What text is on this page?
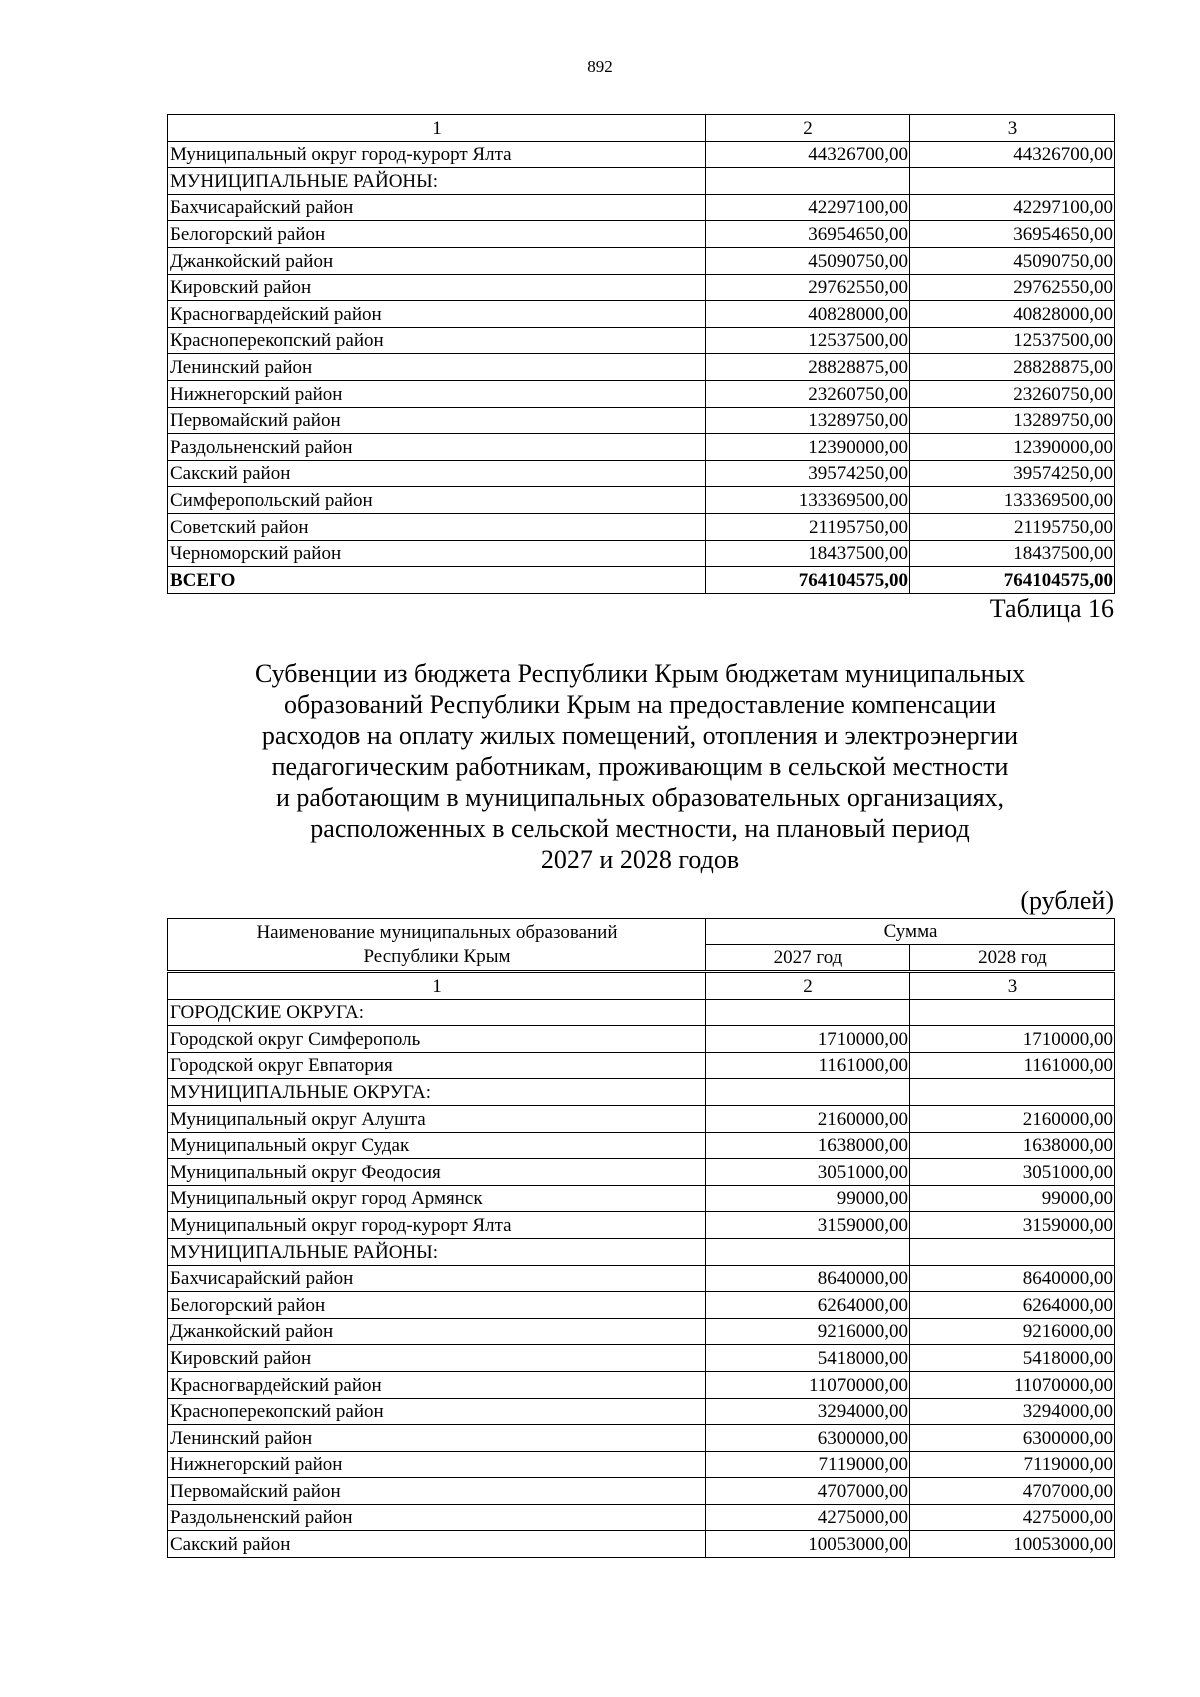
892
1	2	3
Муниципальный округ город-курорт Ялта	44326700,00	44326700,00
МУНИЦИПАЛЬНЫЕ РАЙОНЫ:		
Бахчисарайский район	42297100,00	42297100,00
Белогорский район	36954650,00	36954650,00
Джанкойский район	45090750,00	45090750,00
Кировский район	29762550,00	29762550,00
Красногвардейский район	40828000,00	40828000,00
Красноперекопский район	12537500,00	12537500,00
Ленинский район	28828875,00	28828875,00
Нижнегорский район	23260750,00	23260750,00
Первомайский район	13289750,00	13289750,00
Раздольненский район	12390000,00	12390000,00
Сакский район	39574250,00	39574250,00
Симферопольский район	133369500,00	133369500,00
Советский район	21195750,00	21195750,00
Черноморский район	18437500,00	18437500,00
ВСЕГО	764104575,00	764104575,00
Таблица 16
Субвенции из бюджета Республики Крым бюджетам муниципальных
образований Республики Крым на предоставление компенсации
расходов на оплату жилых помещений, отопления и электроэнергии
педагогическим работникам, проживающим в сельской местности
и работающим в муниципальных образовательных организациях,
расположенных в сельской местности, на плановый период
2027 и 2028 годов
(рублей)
Наименование муниципальных образований
Республики Крым	Сумма	
	2027 год	2028 год
1	2	3
ГОРОДСКИЕ ОКРУГА:		
Городской округ Симферополь	1710000,00	1710000,00
Городской округ Евпатория	1161000,00	1161000,00
МУНИЦИПАЛЬНЫЕ ОКРУГА:		
Муниципальный округ Алушта	2160000,00	2160000,00
Муниципальный округ Судак	1638000,00	1638000,00
Муниципальный округ Феодосия	3051000,00	3051000,00
Муниципальный округ город Армянск	99000,00	99000,00
Муниципальный округ город-курорт Ялта	3159000,00	3159000,00
МУНИЦИПАЛЬНЫЕ РАЙОНЫ:		
Бахчисарайский район	8640000,00	8640000,00
Белогорский район	6264000,00	6264000,00
Джанкойский район	9216000,00	9216000,00
Кировский район	5418000,00	5418000,00
Красногвардейский район	11070000,00	11070000,00
Красноперекопский район	3294000,00	3294000,00
Ленинский район	6300000,00	6300000,00
Нижнегорский район	7119000,00	7119000,00
Первомайский район	4707000,00	4707000,00
Раздольненский район	4275000,00	4275000,00
Сакский район	10053000,00	10053000,00
